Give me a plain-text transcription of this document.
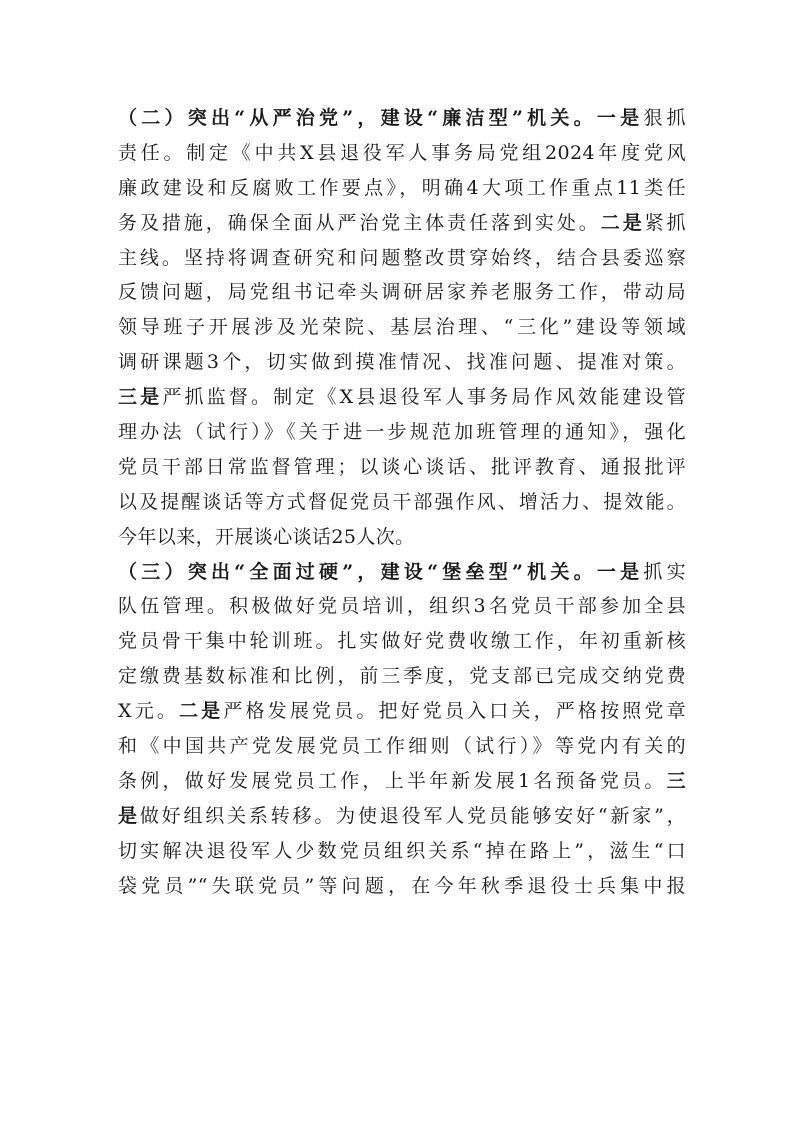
（二）突出“从严治党”，建设“廉洁型”机关。一是狠抓
责任。制定《中共X县退役军人事务局党组2024年度党风
廉政建设和反腐败工作要点》，明确4大项工作重点11类任
务及措施，确保全面从严治党主体责任落到实处。二是紧抓
主线。坚持将调查研究和问题整改贯穿始终，结合县委巡察
反馈问题，局党组书记牵头调研居家养老服务工作，带动局
领导班子开展涉及光荣院、基层治理、“三化”建设等领域
调研课题3个，切实做到摸准情况、找准问题、提准对策。
三是严抓监督。制定《X县退役军人事务局作风效能建设管
理办法（试行）》《关于进一步规范加班管理的通知》，强化
党员干部日常监督管理；以谈心谈话、批评教育、通报批评
以及提醒谈话等方式督促党员干部强作风、增活力、提效能。
今年以来，开展谈心谈话25人次。
（三）突出“全面过硬”，建设“堡垒型”机关。一是抓实
队伍管理。积极做好党员培训，组织3名党员干部参加全县
党员骨干集中轮训班。扎实做好党费收缴工作，年初重新核
定缴费基数标准和比例，前三季度，党支部已完成交纳党费
X元。二是严格发展党员。把好党员入口关，严格按照党章
和《中国共产党发展党员工作细则（试行）》等党内有关的
条例，做好发展党员工作，上半年新发展1名预备党员。三
是做好组织关系转移。为使退役军人党员能够安好“新家”，
切实解决退役军人少数党员组织关系“掉在路上”，滋生“口
袋党员”“失联党员”等问题，在今年秋季退役士兵集中报
